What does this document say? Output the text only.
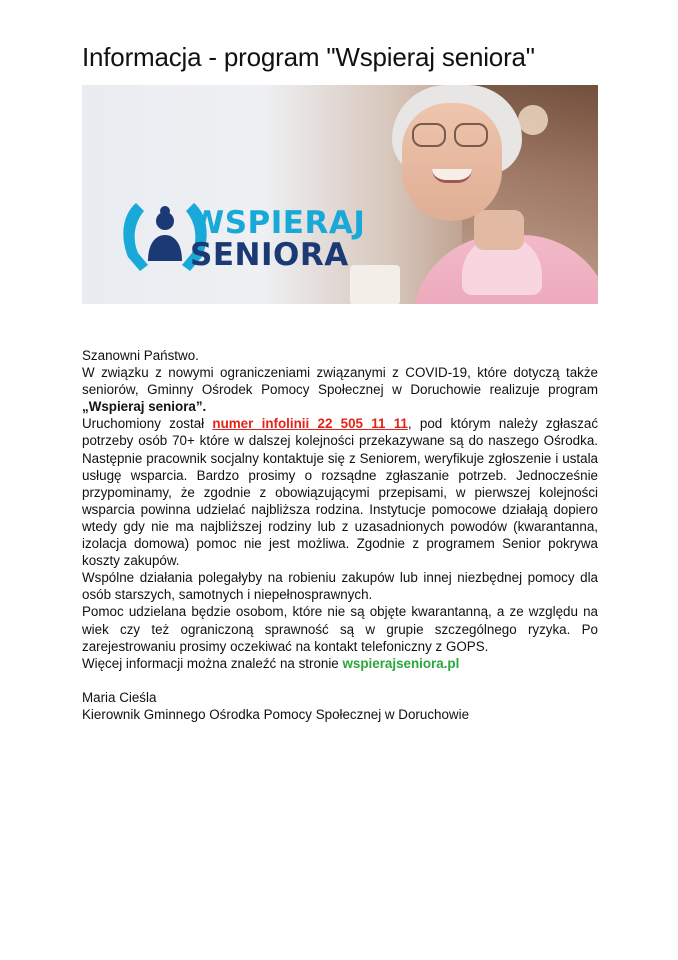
Informacja - program "Wspieraj seniora"
WSPIERAJ
SENIORA

Szanowni Państwo.

W związku z nowymi ograniczeniami związanymi z COVID-19, które dotyczą także seniorów, Gminny Ośrodek Pomocy Społecznej w Doruchowie realizuje program „Wspieraj seniora”.

Uruchomiony został numer infolinii 22 505 11 11, pod którym należy zgłaszać potrzeby osób 70+ które w dalszej kolejności przekazywane są do naszego Ośrodka. Następnie pracownik socjalny kontaktuje się z Seniorem, weryfikuje zgłoszenie i ustala usługę wsparcia. Bardzo prosimy o rozsądne zgłaszanie potrzeb. Jednocześnie przypominamy, że zgodnie z obowiązującymi przepisami, w pierwszej kolejności wsparcia powinna udzielać najbliższa rodzina. Instytucje pomocowe działają dopiero wtedy gdy nie ma najbliższej rodziny lub z uzasadnionych powodów (kwarantanna, izolacja domowa) pomoc nie jest możliwa. Zgodnie z programem Senior pokrywa koszty zakupów.

Wspólne działania polegałyby na robieniu zakupów lub innej niezbędnej pomocy dla osób starszych, samotnych i niepełnosprawnych.

Pomoc udzielana będzie osobom, które nie są objęte kwarantanną, a ze względu na wiek czy też ograniczoną sprawność są w grupie szczególnego ryzyka. Po zarejestrowaniu prosimy oczekiwać na kontakt telefoniczny z GOPS.

Więcej informacji można znaleźć na stronie wspierajseniora.pl

Maria Cieśla

Kierownik Gminnego Ośrodka Pomocy Społecznej w Doruchowie
